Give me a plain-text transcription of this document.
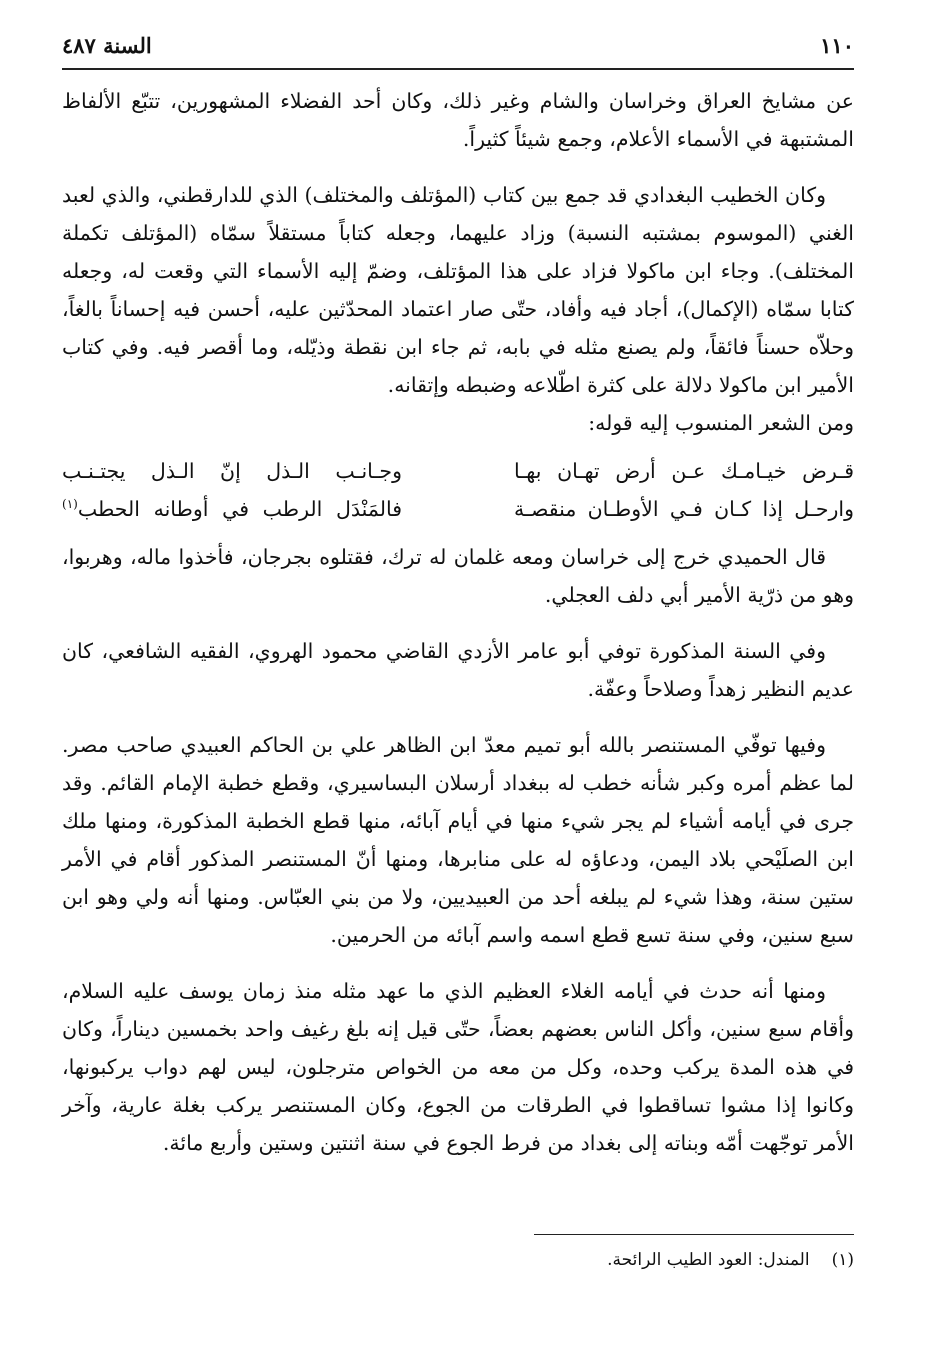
١١٠
السنة ٤٨٧

عن مشايخ العراق وخراسان والشام وغير ذلك، وكان أحد الفضلاء المشهورين، تتبّع الألفاظ المشتبهة في الأسماء الأعلام، وجمع شيئاً كثيراً.

وكان الخطيب البغدادي قد جمع بين كتاب (المؤتلف والمختلف) الذي للدارقطني، والذي لعبد الغني (الموسوم بمشتبه النسبة) وزاد عليهما، وجعله كتاباً مستقلاً سمّاه (المؤتلف تكملة المختلف). وجاء ابن ماكولا فزاد على هذا المؤتلف، وضمّ إليه الأسماء التي وقعت له، وجعله كتابا سمّاه (الإكمال)، أجاد فيه وأفاد، حتّى صار اعتماد المحدّثين عليه، أحسن فيه إحساناً بالغاً، وحلاّه حسناً فائقاً، ولم يصنع مثله في بابه، ثم جاء ابن نقطة وذيّله، وما أقصر فيه. وفي كتاب الأمير ابن ماكولا دلالة على كثرة اطّلاعه وضبطه وإتقانه.

ومن الشعر المنسوب إليه قوله:

قـرض خيـامـك عـن أرض تهـان بهـا
وجـانـب الـذل إنّ الـذل يجتـنـب
وارحـل إذا كـان فـي الأوطـان منقصـة
فالمَنْدَل الرطب في أوطانه الحطب$^{(١)}$

قال الحميدي خرج إلى خراسان ومعه غلمان له ترك، فقتلوه بجرجان، فأخذوا ماله، وهربوا، وهو من ذرّية الأمير أبي دلف العجلي.

وفي السنة المذكورة توفي أبو عامر الأزدي القاضي محمود الهروي، الفقيه الشافعي، كان عديم النظير زهداً وصلاحاً وعفّة.

وفيها توفّي المستنصر بالله أبو تميم معدّ ابن الظاهر علي بن الحاكم العبيدي صاحب مصر. لما عظم أمره وكبر شأنه خطب له ببغداد أرسلان البساسيري، وقطع خطبة الإمام القائم. وقد جرى في أيامه أشياء لم يجر شيء منها في أيام آبائه، منها قطع الخطبة المذكورة، ومنها ملك ابن الصلَيْحي بلاد اليمن، ودعاؤه له على منابرها، ومنها أنّ المستنصر المذكور أقام في الأمر ستين سنة، وهذا شيء لم يبلغه أحد من العبيديين، ولا من بني العبّاس. ومنها أنه ولي وهو ابن سبع سنين، وفي سنة تسع قطع اسمه واسم آبائه من الحرمين.

ومنها أنه حدث في أيامه الغلاء العظيم الذي ما عهد مثله منذ زمان يوسف عليه السلام، وأقام سبع سنين، وأكل الناس بعضهم بعضاً، حتّى قيل إنه بلغ رغيف واحد بخمسين ديناراً، وكان في هذه المدة يركب وحده، وكل من معه من الخواص مترجلون، ليس لهم دواب يركبونها، وكانوا إذا مشوا تساقطوا في الطرقات من الجوع، وكان المستنصر يركب بغلة عارية، وآخر الأمر توجّهت أمّه وبناته إلى بغداد من فرط الجوع في سنة اثنتين وستين وأربع مائة.

(١)
المندل: العود الطيب الرائحة.
